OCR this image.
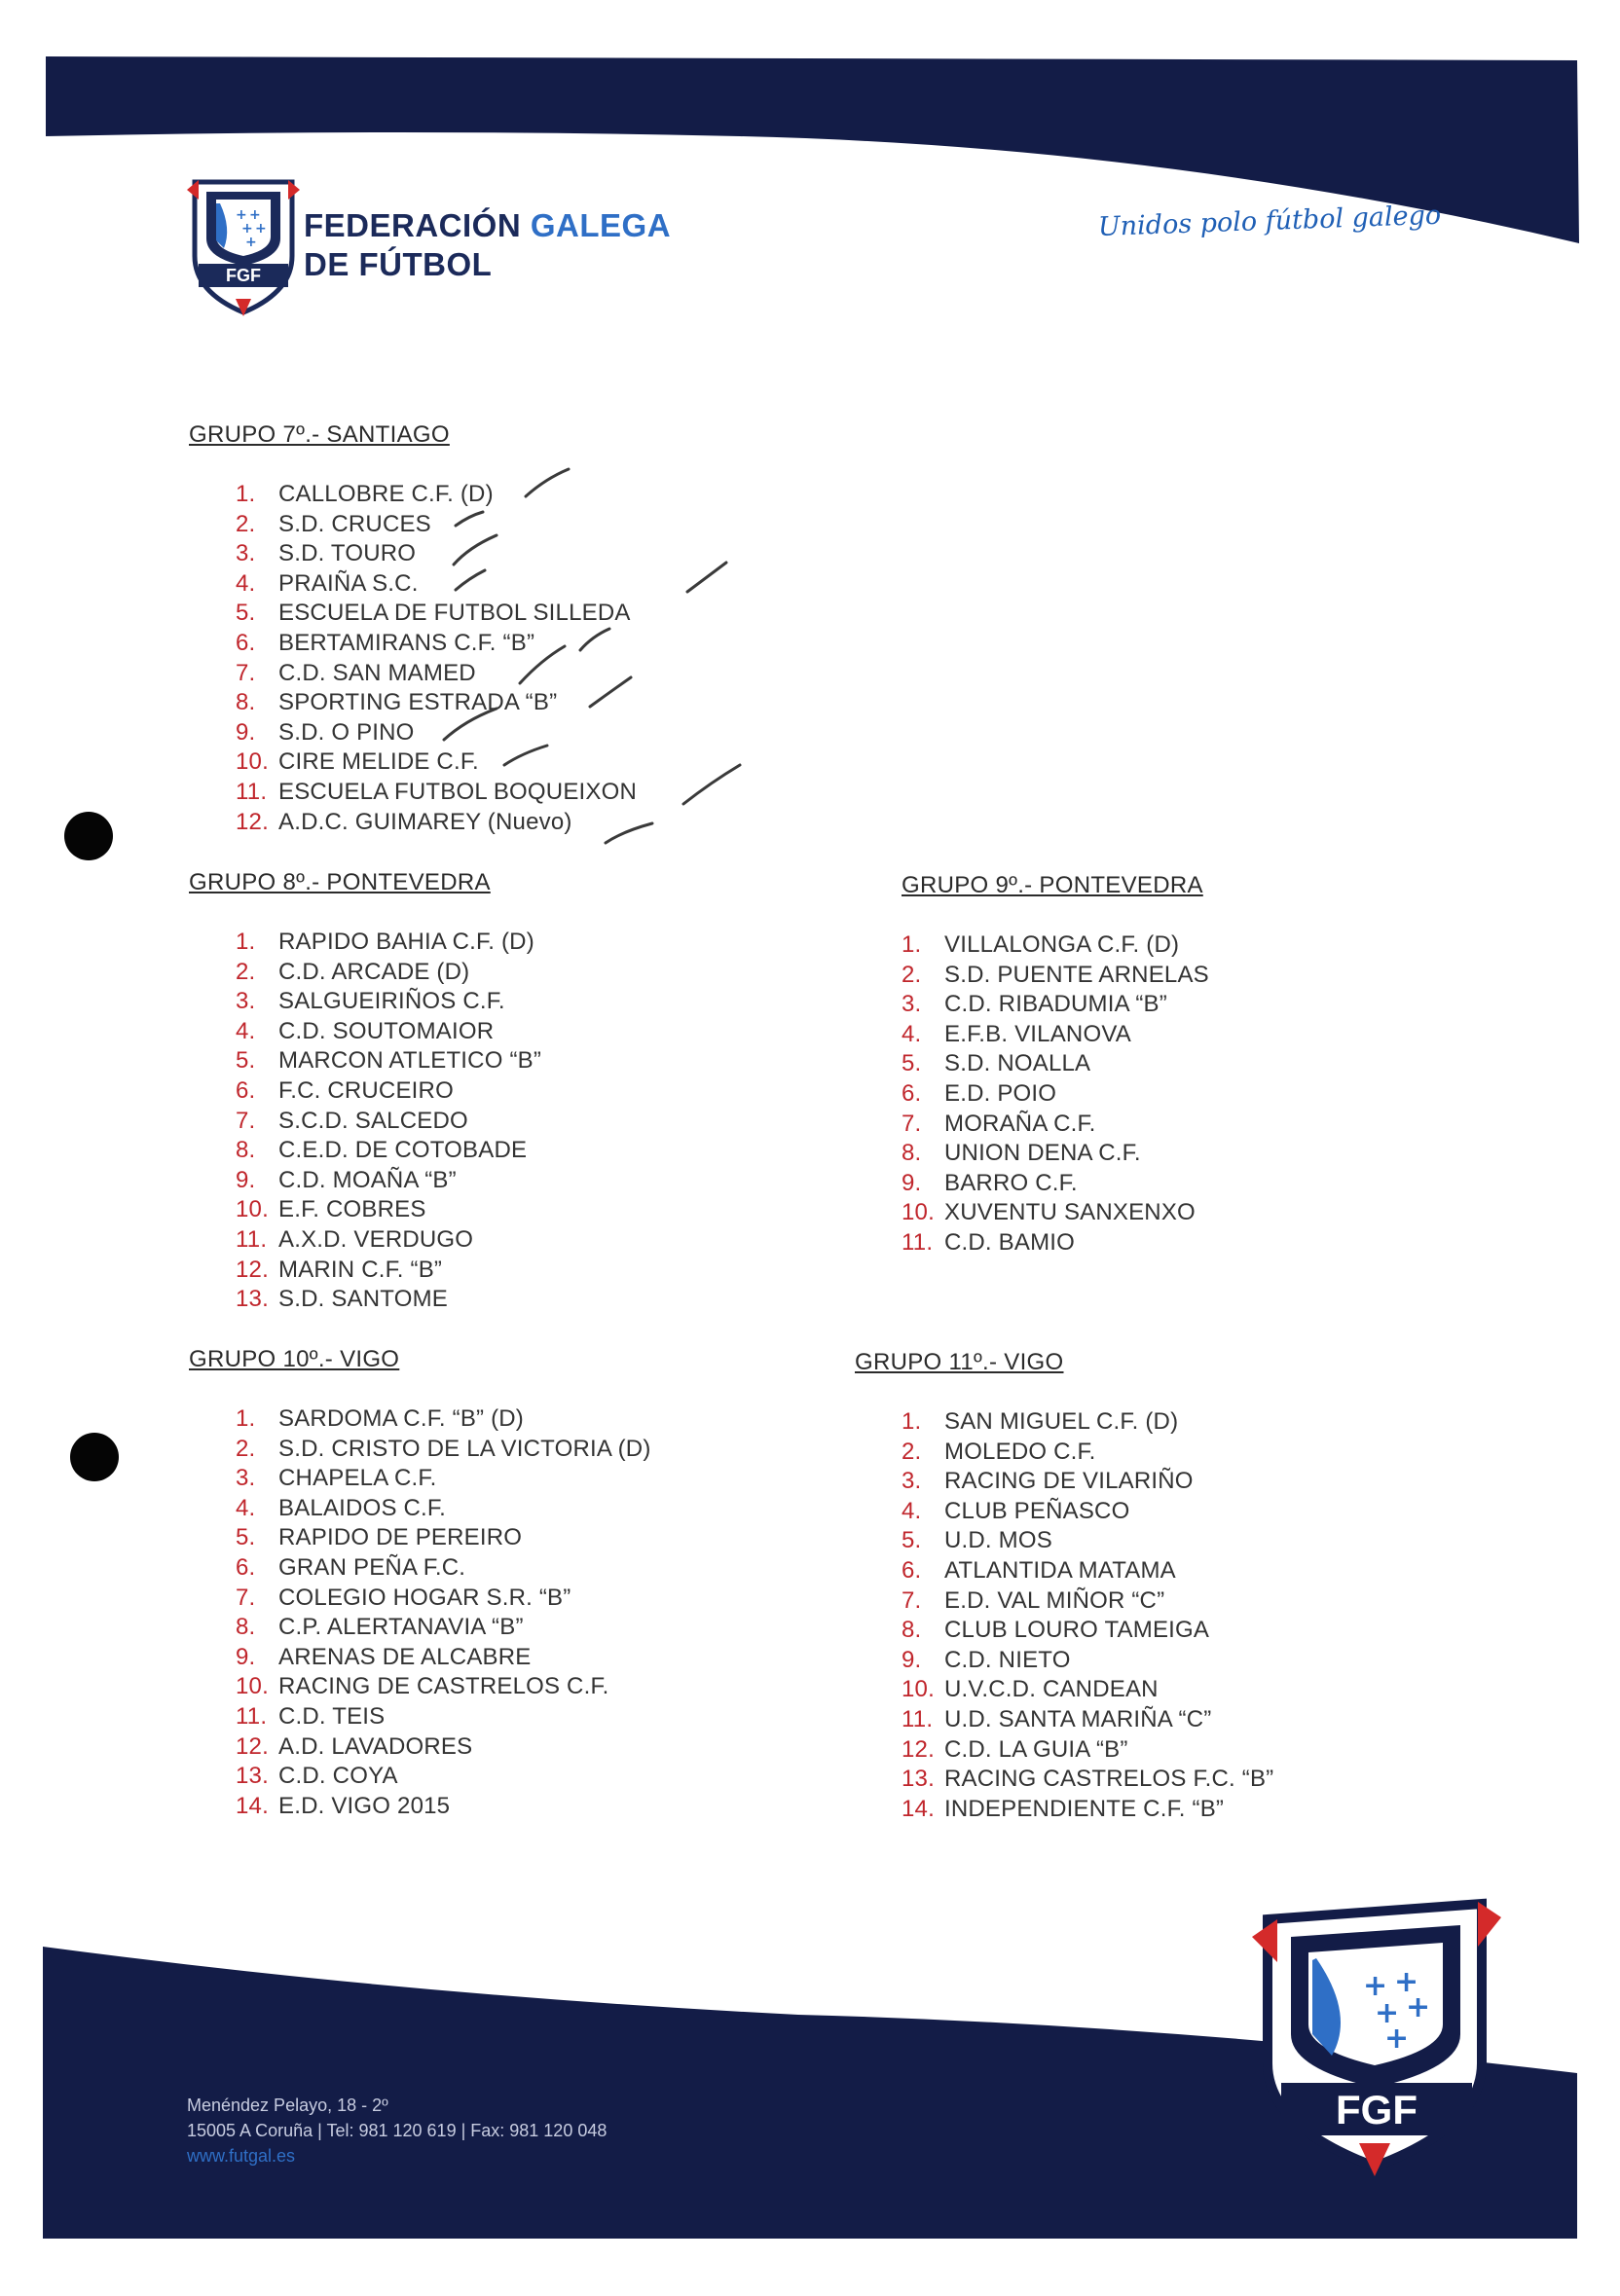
+ +
+ +
+
FGF
FEDERACIÓN GALEGA
DE FÚTBOL
Unidos polo fútbol galego
GRUPO 7º.- SANTIAGO
1. CALLOBRE C.F. (D)
2. S.D. CRUCES
3. S.D. TOURO
4. PRAIÑA S.C.
5. ESCUELA DE FUTBOL SILLEDA
6. BERTAMIRANS C.F. “B”
7. C.D. SAN MAMED
8. SPORTING ESTRADA “B”
9. S.D. O PINO
10. CIRE MELIDE C.F.
11. ESCUELA FUTBOL BOQUEIXON
12. A.D.C. GUIMAREY (Nuevo)
GRUPO 8º.- PONTEVEDRA
1. RAPIDO BAHIA C.F. (D)
2. C.D. ARCADE (D)
3. SALGUEIRIÑOS C.F.
4. C.D. SOUTOMAIOR
5. MARCON ATLETICO “B”
6. F.C. CRUCEIRO
7. S.C.D. SALCEDO
8. C.E.D. DE COTOBADE
9. C.D. MOAÑA “B”
10. E.F. COBRES
11. A.X.D. VERDUGO
12. MARIN C.F. “B”
13. S.D. SANTOME
GRUPO 9º.- PONTEVEDRA
1. VILLALONGA C.F. (D)
2. S.D. PUENTE ARNELAS
3. C.D. RIBADUMIA “B”
4. E.F.B. VILANOVA
5. S.D. NOALLA
6. E.D. POIO
7. MORAÑA C.F.
8. UNION DENA C.F.
9. BARRO C.F.
10. XUVENTU SANXENXO
11. C.D. BAMIO
GRUPO 10º.- VIGO
1. SARDOMA C.F. “B” (D)
2. S.D. CRISTO DE LA VICTORIA (D)
3. CHAPELA C.F.
4. BALAIDOS C.F.
5. RAPIDO DE PEREIRO
6. GRAN PEÑA F.C.
7. COLEGIO HOGAR S.R. “B”
8. C.P. ALERTANAVIA “B”
9. ARENAS DE ALCABRE
10. RACING DE CASTRELOS C.F.
11. C.D. TEIS
12. A.D. LAVADORES
13. C.D. COYA
14. E.D. VIGO 2015
GRUPO 11º.- VIGO
1. SAN MIGUEL C.F. (D)
2. MOLEDO C.F.
3. RACING DE VILARIÑO
4. CLUB PEÑASCO
5. U.D. MOS
6. ATLANTIDA MATAMA
7. E.D. VAL MIÑOR “C”
8. CLUB LOURO TAMEIGA
9. C.D. NIETO
10. U.V.C.D. CANDEAN
11. U.D. SANTA MARIÑA “C”
12. C.D. LA GUIA “B”
13. RACING CASTRELOS F.C. “B”
14. INDEPENDIENTE C.F. “B”
+ +
+ +
+
FGF
Menéndez Pelayo, 18 - 2º
15005 A Coruña | Tel: 981 120 619 | Fax: 981 120 048
www.futgal.es
